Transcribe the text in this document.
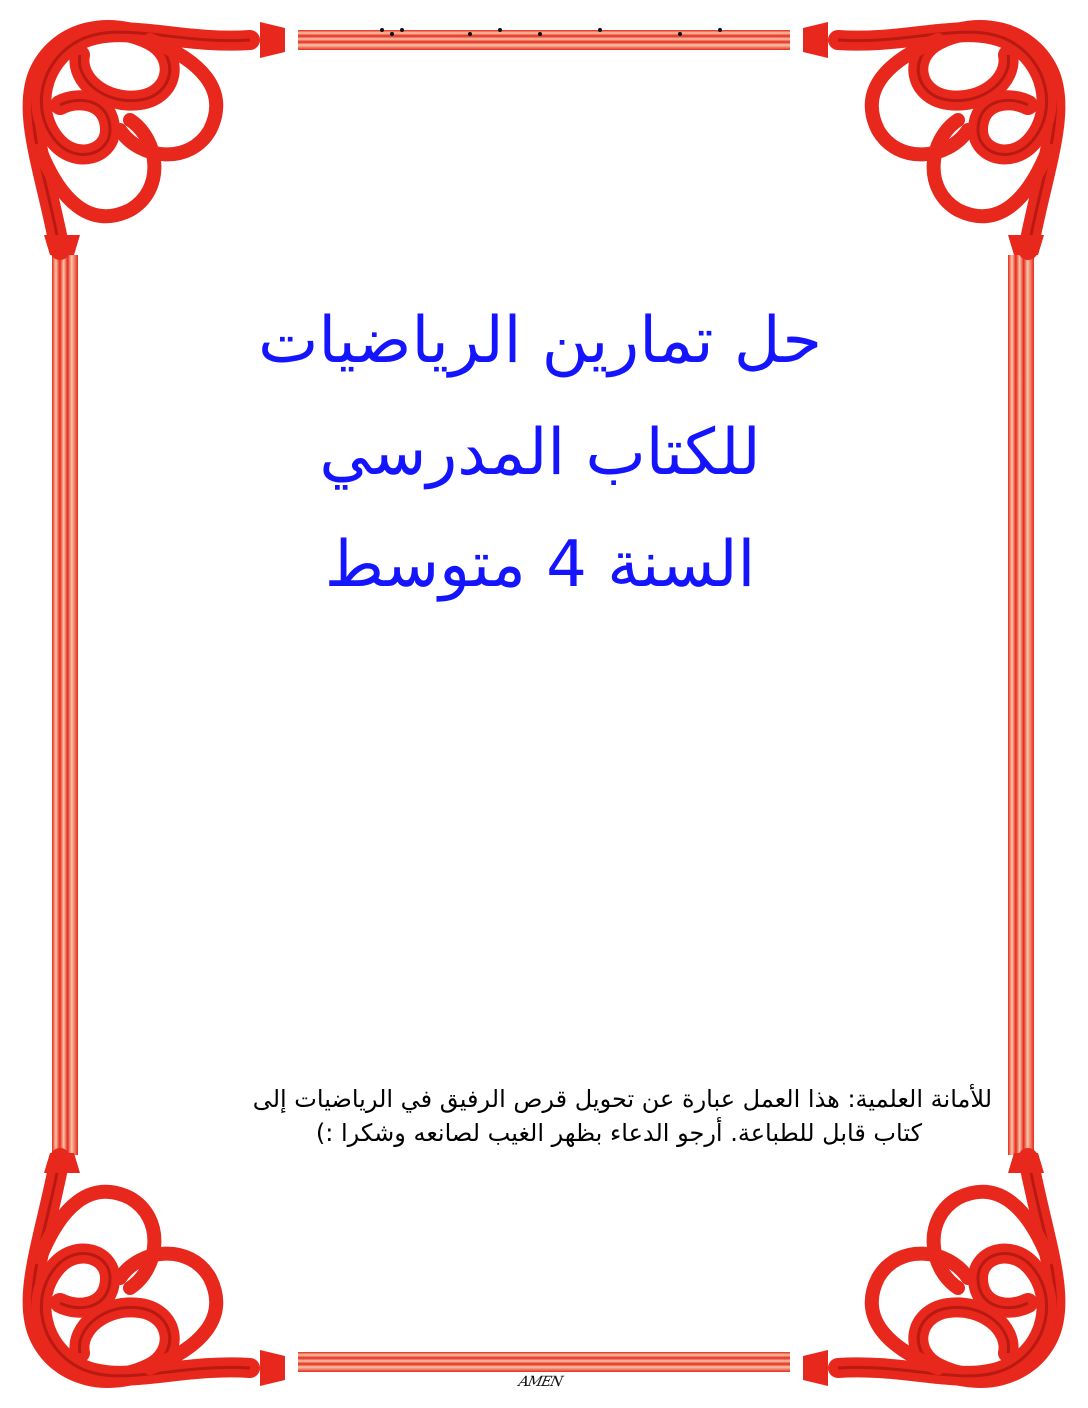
حل تمارين الرياضيات
للكتاب المدرسي
السنة 4 متوسط
للأمانة العلمية: هذا العمل عبارة عن تحويل قرص الرفيق في الرياضيات إلى
كتاب قابل للطباعة. أرجو الدعاء بظهر الغيب لصانعه وشكرا :)
AMEN
